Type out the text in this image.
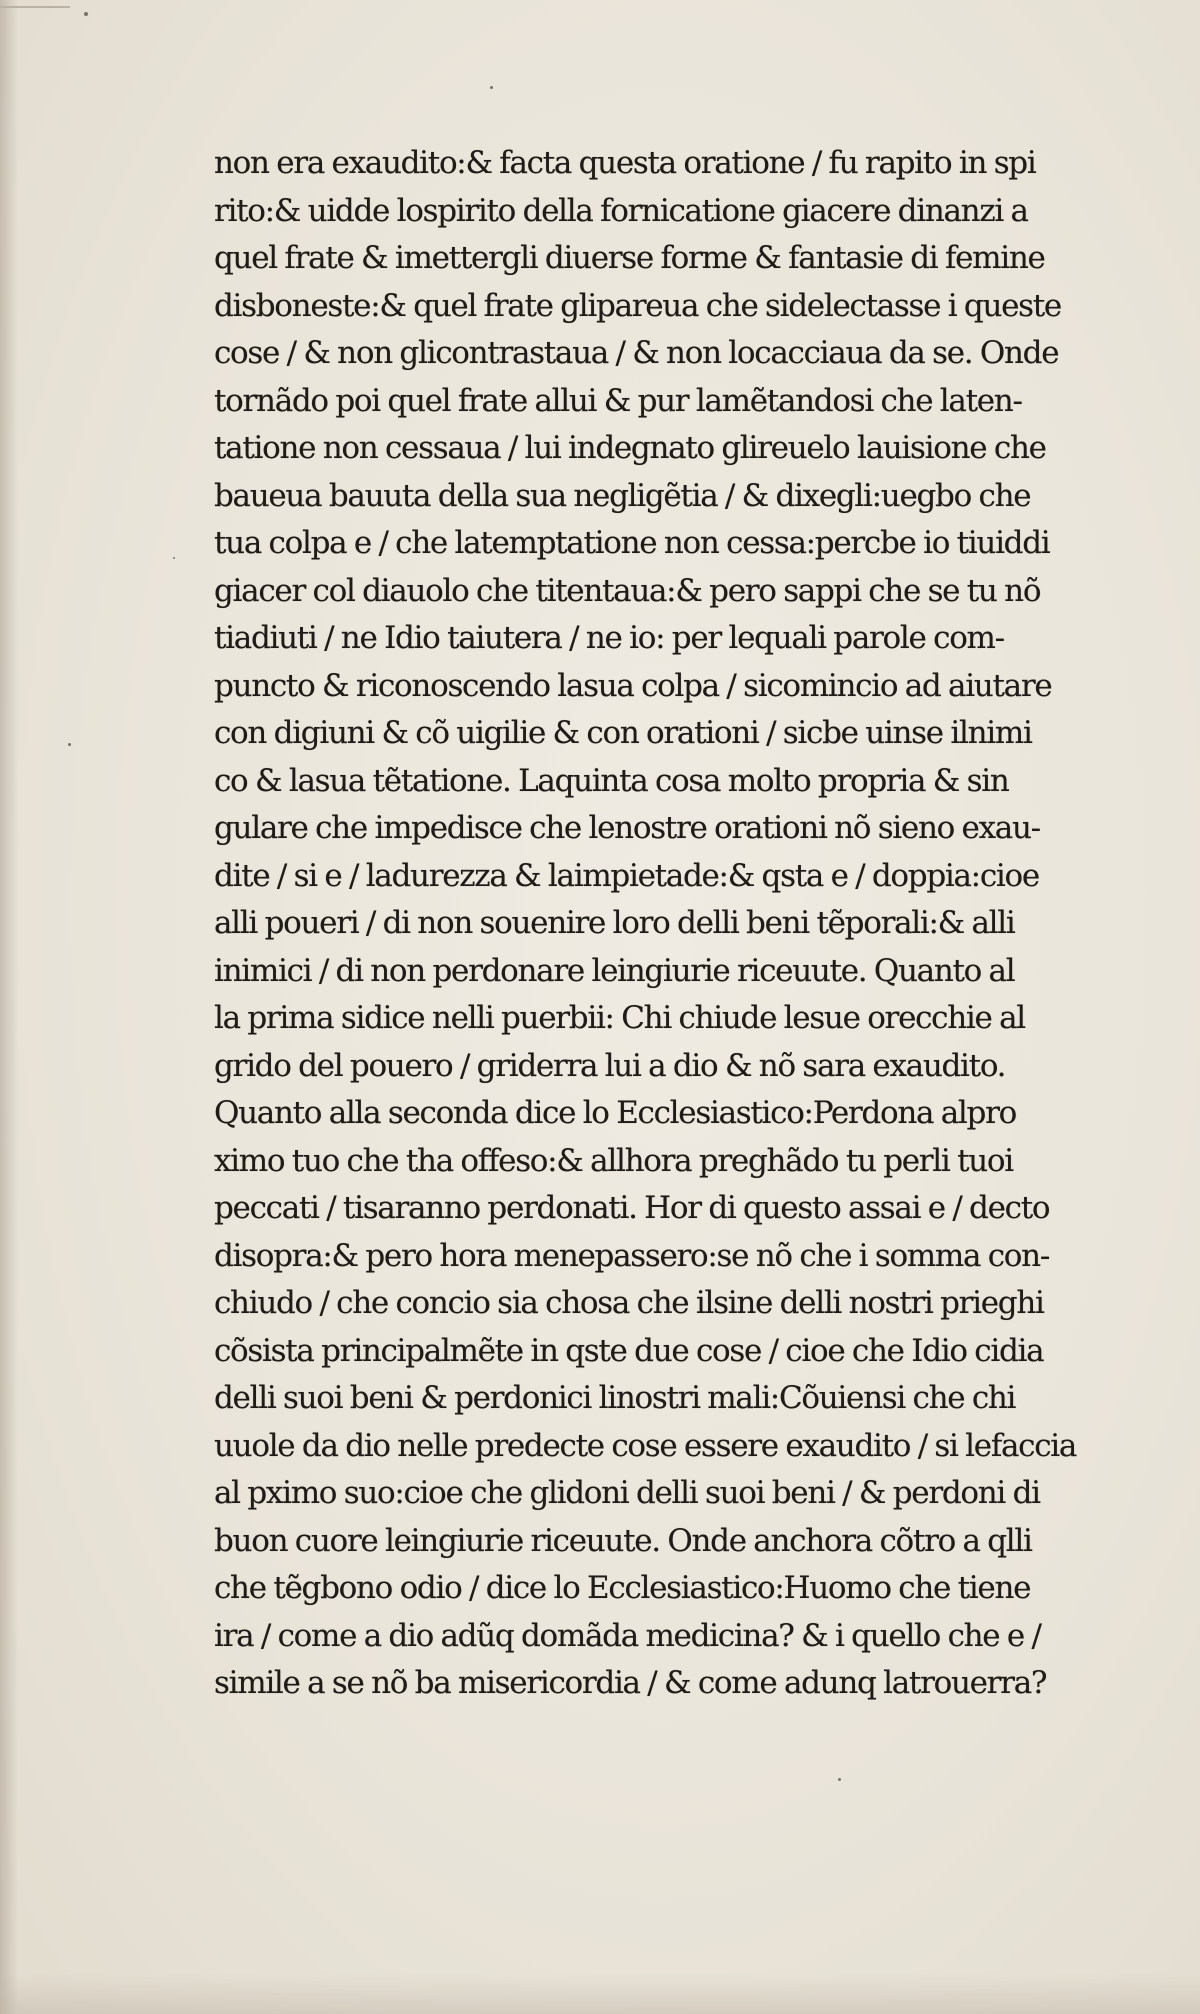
non era exaudito:& facta questa oratione / fu rapito in spi
rito:& uidde lospirito della fornicatione giacere dinanzi a
quel frate & imettergli diuerse forme & fantasie di femine
disboneste:& quel frate glipareua che sidelectasse i queste
cose / & non glicontrastaua / & non locacciaua da se. Onde
tornãdo poi quel frate allui & pur lamẽtandosi che laten-
tatione non cessaua / lui indegnato glireuelo lauisione che
baueua bauuta della sua negligẽtia / & dixegli:uegbo che
tua colpa e / che latemptatione non cessa:percbe io tiuiddi
giacer col diauolo che titentaua:& pero sappi che se tu nõ
tiadiuti / ne Idio taiutera / ne io: per lequali parole com-
puncto & riconoscendo lasua colpa / sicomincio ad aiutare
con digiuni & cõ uigilie & con orationi / sicbe uinse ilnimi
co & lasua tẽtatione. Laquinta cosa molto propria & sin
gulare che impedisce che lenostre orationi nõ sieno exau-
dite / si e / ladurezza & laimpietade:& qsta e / doppia:cioe
alli poueri / di non souenire loro delli beni tẽporali:& alli
inimici / di non perdonare leingiurie riceuute. Quanto al
la prima sidice nelli puerbii: Chi chiude lesue orecchie al
grido del pouero / griderra lui a dio & nõ sara exaudito.
Quanto alla seconda dice lo Ecclesiastico:Perdona alpro
ximo tuo che tha offeso:& allhora preghãdo tu perli tuoi
peccati / tisaranno perdonati. Hor di questo assai e / decto
disopra:& pero hora menepassero:se nõ che i somma con-
chiudo / che concio sia chosa che ilsine delli nostri prieghi
cõsista principalmẽte in qste due cose / cioe che Idio cidia
delli suoi beni & perdonici linostri mali:Cõuiensi che chi
uuole da dio nelle predecte cose essere exaudito / si lefaccia
al pximo suo:cioe che glidoni delli suoi beni / & perdoni di
buon cuore leingiurie riceuute. Onde anchora cõtro a qlli
che tẽgbono odio / dice lo Ecclesiastico:Huomo che tiene
ira / come a dio adũq domãda medicina? & i quello che e /
simile a se nõ ba misericordia / & come adunq latrouerra?
